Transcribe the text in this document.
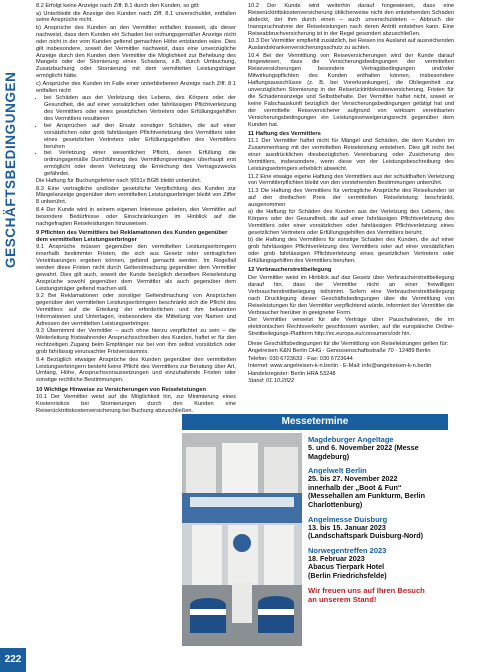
GESCHÄFTSBEDINGUNGEN
222

8.2 Erfolgt keine Anzeige nach Ziff. 8.1 durch den Kunden, so gilt:

a) Unterbleibt die Anzeige des Kunden nach Ziff. 8.1 unverschuldet, entfallen seine Ansprüche nicht.

b) Ansprüche des Kunden an den Vermittler entfallen insoweit, als dieser nachweist, dass dem Kunden ein Schaden bei ordnungsgemäßer Anzeige nicht oder nicht in der vom Kunden geltend gemachten Höhe entstanden wäre. Dies gilt insbesondere, soweit der Vermittler nachweist, dass eine unverzügliche Anzeige durch den Kunden dem Vermittler die Möglichkeit zur Behebung des Mangels oder der Stornierung eines Schadens, z.B. durch Umbuchung, Zusatzbuchung oder Stornierung mit dem vermittelten Leistungsträger ermöglicht hätte.

c) Ansprüche des Kunden im Falle einer unterbliebenen Anzeige nach Ziff. 8.1 entfallen nicht

• bei Schäden aus der Verletzung des Lebens, des Körpers oder der Gesundheit, die auf einer vorsätzlichen oder fahrlässigen Pflichtverletzung des Vermittlers oder eines gesetzlichen Vertreters oder Erfüllungsgehilfen des Vermittlers resultieren
• bei Ansprüchen auf den Ersatz sonstiger Schäden, die auf einer vorsätzlichen oder grob fahrlässigen Pflichtverletzung des Vermittlers oder eines gesetzlichen Vertreters oder Erfüllungsgehilfen des Vermittlers beruhen
• bei Verletzung einer wesentlichen Pflicht, deren Erfüllung die ordnungsgemäße Durchführung des Vermittlungsvertrages überhaupt erst ermöglicht oder deren Verletzung die Erreichung des Vertragszwecks gefährdet.

Die Haftung für Buchungsfehler nach §651x BGB bleibt unberührt.

8.3 Eine vertragliche und/oder gesetzliche Verpflichtung des Kunden zur Mängelanzeige gegenüber dem vermittelten Leistungserbringer bleibt von Ziffer 8 unberührt.

8.4 Der Kunde wird in seinem eigenen Interesse gebeten, den Vermittler auf besondere Bedürfnisse oder Einschränkungen im Hinblick auf die nachgefragten Reiseleistungen hinzuweisen.

9 Pflichten des Vermittlers bei Reklamationen des Kunden gegenüber dem vermittelten Leistungserbringer

9.1 Ansprüche müssen gegenüber den vermittelten Leistungserbringern innerhalb bestimmter Fristen, die sich aus Gesetz oder vertraglichen Vereinbarungen ergeben können, geltend gemacht werden. Im Regelfall werden diese Fristen nicht durch Geltendmachung gegenüber dem Vermittler gewahrt. Dies gilt auch, soweit der Kunde bezüglich derselben Reiseleistung Ansprüche sowohl gegenüber dem Vermittler als auch gegenüber dem Leistungsträger geltend machen will.

9.2 Bei Reklamationen oder sonstiger Geltendmachung von Ansprüchen gegenüber den vermittelten Leistungserbringern beschränkt sich die Pflicht des Vermittlers auf die Erteilung der erforderlichen und ihm bekannten Informationen und Unterlagen, insbesondere die Mitteilung von Namen und Adressen der vermittelten Leistungserbringer.

9.3 Übernimmt der Vermittler – auch ohne hierzu verpflichtet zu sein – die Weiterleitung fristwahrender Anspruchsschreiben des Kunden, haftet er für den rechtzeitigen Zugang beim Empfänger nur bei von ihm selbst vorsätzlich oder grob fahrlässig verursachter Fristversäumnis.

9.4 Bezüglich etwaiger Ansprüche des Kunden gegenüber den vermittelten Leistungserbringern besteht keine Pflicht des Vermittlers zur Beratung über Art, Umfang, Höhe, Anspruchsvoraussetzungen und einzuhaltende Fristen oder sonstige rechtliche Bestimmungen.

10 Wichtige Hinweise zu Versicherungen von Reiseleistungen

10.1 Der Vermittler weist auf die Möglichkeit hin, zur Minimierung eines Kostenrisikos bei Stornierungen durch den Kunden eine Reiserücktrittskostenversicherung bei Buchung abzuschließen.

10.2 Der Kunde wird weiterhin darauf hingewiesen, dass eine Reiserücktrittskostenversicherung üblicherweise nicht den entstehenden Schaden abdeckt, der ihm durch einen – auch unverschuldeten – Abbruch der Inanspruchnahme der Reiseleistungen nach deren Antritt entstehen kann. Eine Reiseabbruchversicherung ist in der Regel gesondert abzuschließen.

10.3 Der Vermittler empfiehlt zusätzlich, bei Reisen ins Ausland auf ausreichenden Auslandskrankenversicherungsschutz zu achten.

10.4 Bei der Vermittlung von Reiseversicherungen wird der Kunde darauf hingewiesen, dass die Versicherungsbedingungen der vermittelten Reiseversicherungen besondere Vertragsbedingungen und/oder Mitwirkungspflichten des Kunden enthalten können, insbesondere Haftungsausschlüsse (z. B. bei Vorerkrankungen), die Obliegenheit zur unverzüglichen Stornierung in der Reiserücktrittskostenversicherung, Fristen für die Schadensanzeige und Selbstbehalte. Der Vermittler haftet nicht, soweit er keine Falschauskunft bezüglich der Versicherungsbedingungen getätigt hat und der vermittelte Reiseversicherer aufgrund von wirksam vereinbarten Versicherungsbedingungen ein Leistungsverweigerungsrecht gegenüber dem Kunden hat.

11 Haftung des Vermittlers

11.1 Der Vermittler haftet nicht für Mängel und Schäden, die dem Kunden im Zusammenhang mit der vermittelten Reiseleistung entstehen. Dies gilt nicht bei einer ausdrücklichen diesbezüglichen Vereinbarung oder Zusicherung des Vermittlers, insbesondere, wenn diese von der Leistungsbeschreibung des Leistungserbringers erheblich abweicht.

11.2 Eine etwaige eigene Haftung des Vermittlers aus der schuldhaften Verletzung von Vermittlerpflichten bleibt von den vorstehenden Bestimmungen unberührt.

11.3 Die Haftung des Vermittlers für vertragliche Ansprüche des Reisekunden ist auf den dreifachen Preis der vermittelten Reiseleistung beschränkt, ausgenommen

a) die Haftung für Schäden des Kunden aus der Verletzung des Lebens, des Körpers oder der Gesundheit, die auf einer fahrlässigen Pflichtverletzung des Vermittlers oder einer vorsätzlichen oder fahrlässigen Pflichtverletzung eines gesetzlichen Vertreters oder Erfüllungsgehilfen des Vermittlers beruht;

b) die Haftung des Vermittlers für sonstige Schäden des Kunden, die auf einer grob fahrlässigen Pflichtverletzung des Vermittlers oder auf einer vorsätzlichen oder grob fahrlässigen Pflichtverletzung eines gesetzlichen Vertreters oder Erfüllungsgehilfen des Vermittlers beruhen.

12 Verbraucherstreitbeilegung

Der Vermittler weist im Hinblick auf das Gesetz über Verbraucherstreitbeilegung darauf hin, dass der Vermittler nicht an einer freiwilligen Verbraucherstreitbeilegung teilnimmt. Sofern eine Verbraucherstreitbeilegung nach Drucklegung dieser Geschäftsbedingungen über die Vermittlung von Reiseleistungen für den Vermittler verpflichtend würde, informiert der Vermittler die Verbraucher hierüber in geeigneter Form.

Der Vermittler verweist für alle Verträge über Pauschalreisen, die im elektronischen Rechtsverkehr geschlossen wurden, auf die europäische Online-Streitbeilegungs-Plattform http://ec.europa.eu/consumers/odr hin.

Diese Geschäftsbedingungen für die Vermittlung von Reiseleistungen gelten für:

Angelreisen K&N Berlin OHG · Genossenschaftsstraße 70 · 12489 Berlin

Telefon: 030 6723633 · Fax: 030 6723644

Internet: www.angelreisen-k-n.berlin · E-Mail: info@angelreisen-k-n.berlin

Handelsregister: Berlin HRA 53248

Stand: 01.10.2022

Messetermine
Magdeburger Angeltage
5. und 6. November 2022 (Messe Magdeburg)
Angelwelt Berlin
25. bis 27. November 2022
innerhalb der „Boot & Fun“
(Messehallen am Funkturm, Berlin Charlottenburg)
Angelmesse Duisburg
13. bis 15. Januar 2023
(Landschaftspark Duisburg-Nord)
Norwegentreffen 2023
18. Februar 2023
Abacus Tierpark Hotel
(Berlin Friedrichsfelde)
Wir freuen uns auf Ihren Besuch
an unserem Stand!
